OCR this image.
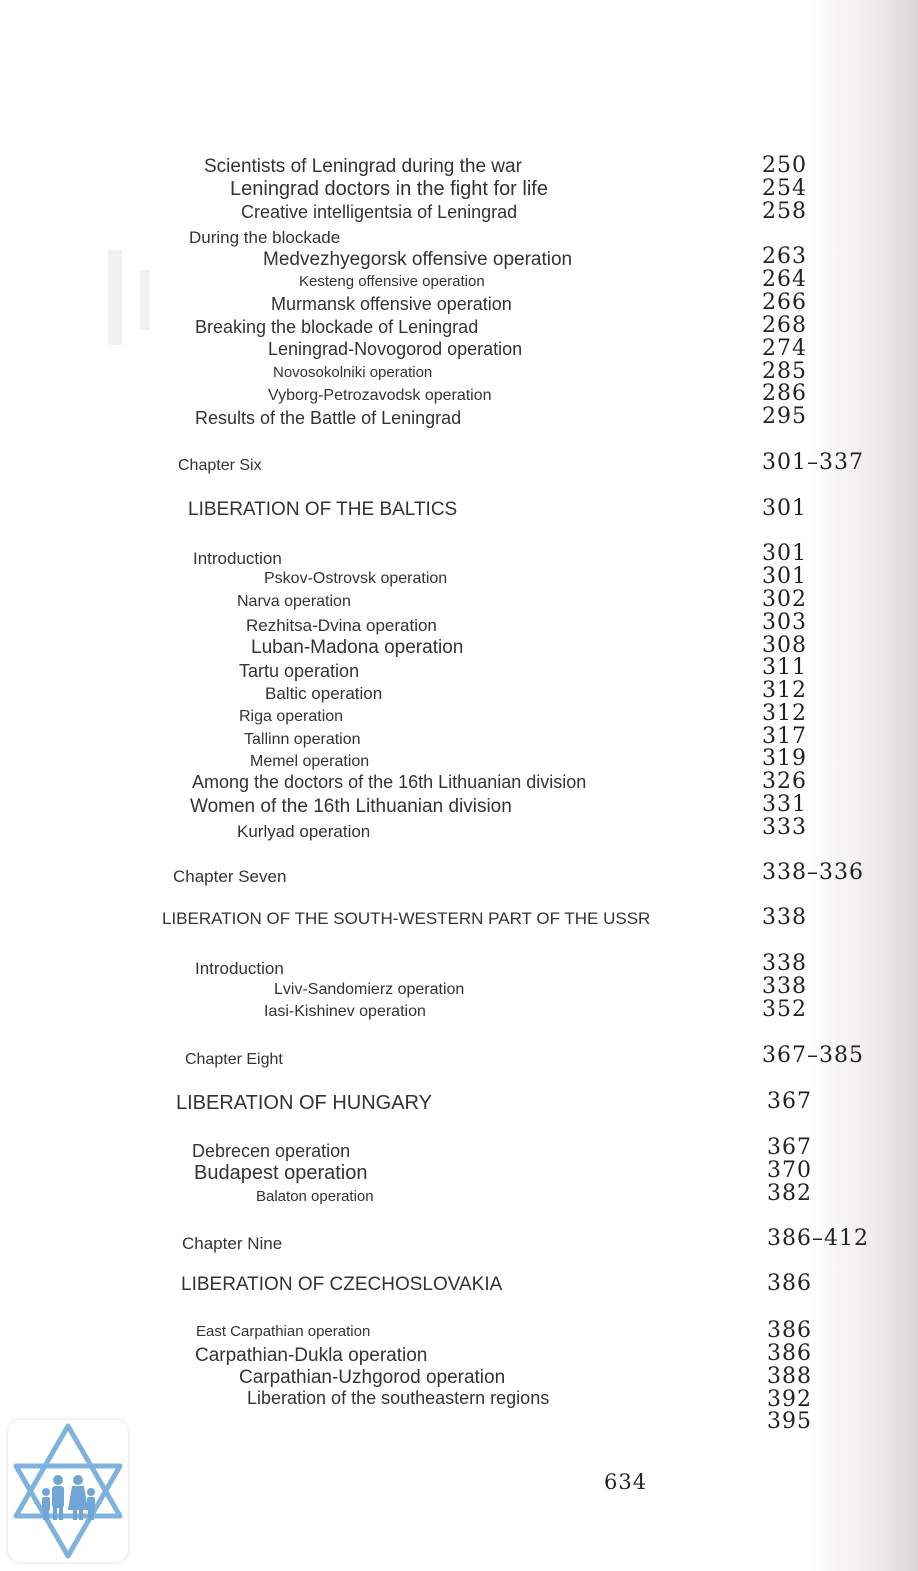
Scientists of Leningrad during the war	250
Leningrad doctors in the fight for life	254
Creative intelligentsia of Leningrad	258
During the blockade
Medvezhyegorsk offensive operation	263
Kesteng offensive operation	264
Murmansk offensive operation	266
Breaking the blockade of Leningrad	268
Leningrad-Novogorod operation	274
Novosokolniki operation	285
Vyborg-Petrozavodsk operation	286
Results of the Battle of Leningrad	295
Chapter Six	301–337
LIBERATION OF THE BALTICS	301
Introduction	301
Pskov-Ostrovsk operation	301
Narva operation	302
Rezhitsa-Dvina operation	303
Luban-Madona operation	308
Tartu operation	311
Baltic operation	312
Riga operation	312
Tallinn operation	317
Memel operation	319
Among the doctors of the 16th Lithuanian division	326
Women of the 16th Lithuanian division	331
Kurlyad operation	333
Chapter Seven	338–336
LIBERATION OF THE SOUTH-WESTERN PART OF THE USSR	338
Introduction	338
Lviv-Sandomierz operation	338
Iasi-Kishinev operation	352
Chapter Eight	367–385
LIBERATION OF HUNGARY	367
Debrecen operation	367
Budapest operation	370
Balaton operation	382
Chapter Nine	386–412
LIBERATION OF CZECHOSLOVAKIA	386
East Carpathian operation	386
Carpathian-Dukla operation	386
Carpathian-Uzhgorod operation	388
Liberation of the southeastern regions	392
395
634
